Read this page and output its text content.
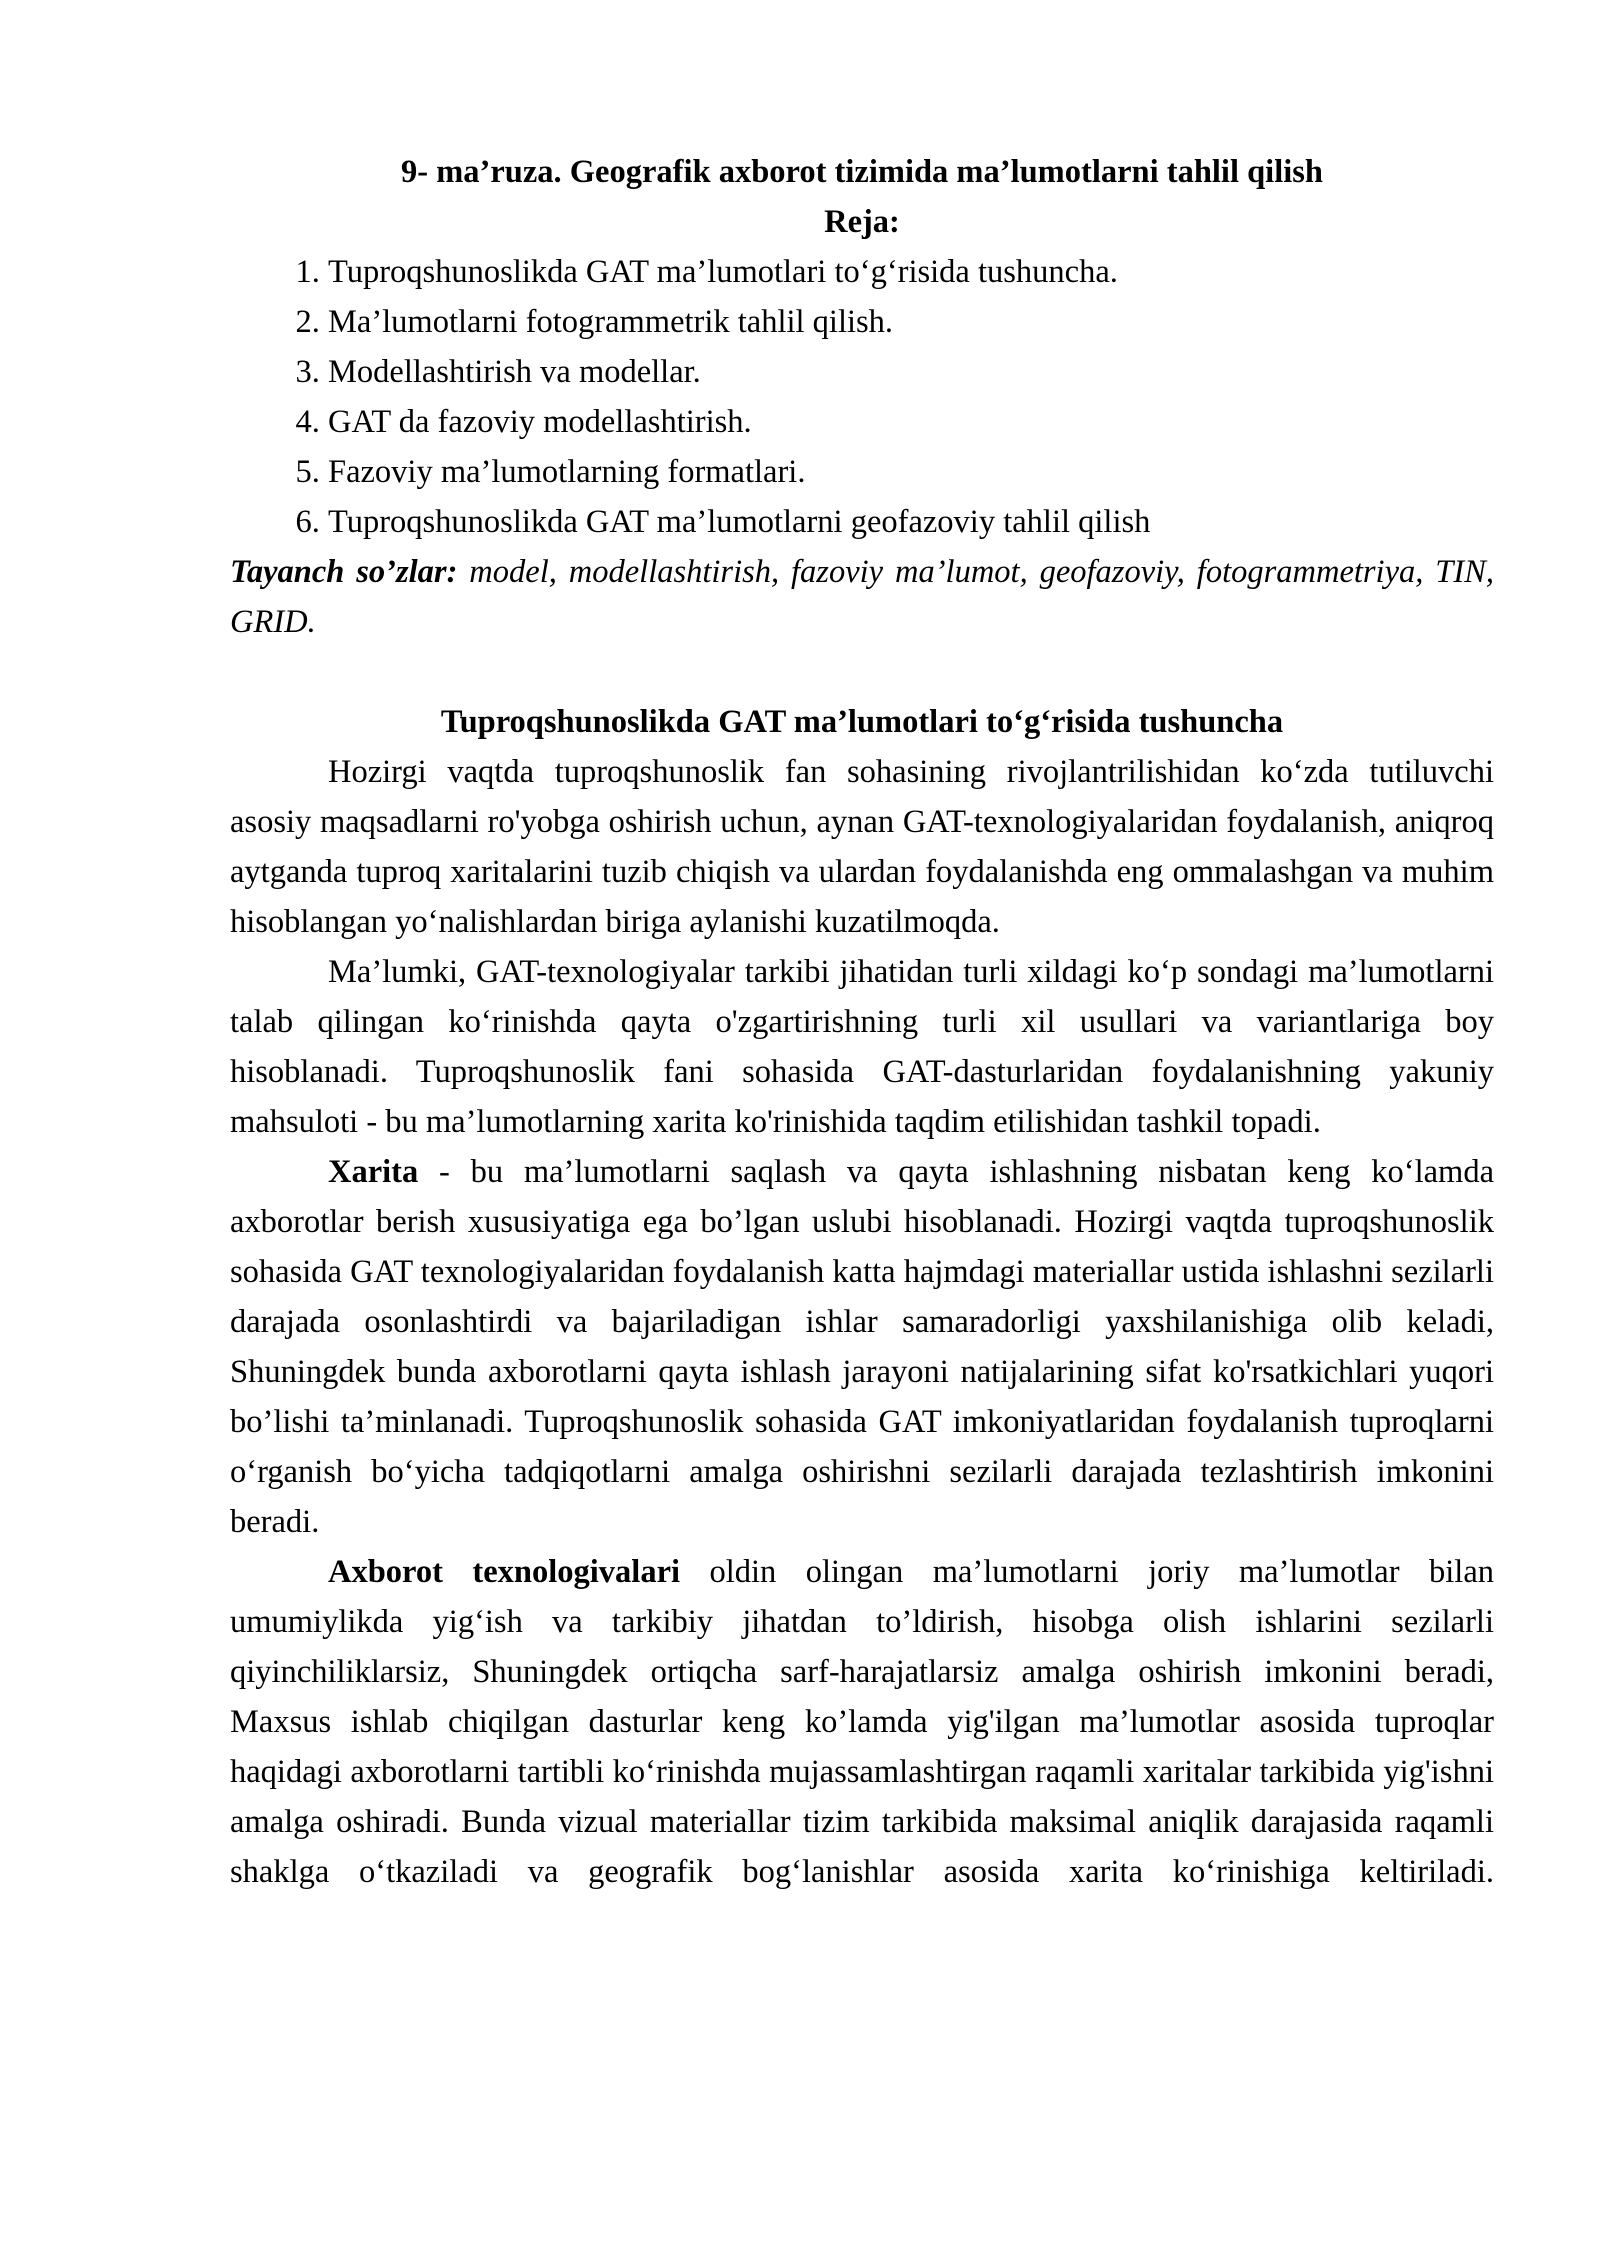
9- ma’ruza. Geografik axborot tizimida ma’lumotlarni tahlil qilish

Reja:

1. Tuproqshunoslikda GAT ma’lumotlari to‘g‘risida tushuncha.
2. Ma’lumotlarni fotogrammetrik tahlil qilish.
3. Modellashtirish va modellar.
4. GAT da fazoviy modellashtirish.
5. Fazoviy ma’lumotlarning formatlari.
6. Tuproqshunoslikda GAT ma’lumotlarni geofazoviy tahlil qilish

Tayanch so’zlar: model, modellashtirish, fazoviy ma’lumot, geofazoviy, fotogrammetriya, TIN, GRID.

Tuproqshunoslikda GAT ma’lumotlari to‘g‘risida tushuncha

Hozirgi vaqtda tuproqshunoslik fan sohasining rivojlantrilishidan ko‘zda tutiluvchi asosiy maqsadlarni ro'yobga oshirish uchun, aynan GAT-texnologiyalaridan foydalanish, aniqroq aytganda tuproq xaritalarini tuzib chiqish va ulardan foydalanishda eng ommalashgan va muhim hisoblangan yo‘nalishlardan biriga aylanishi kuzatilmoqda.

Ma’lumki, GAT-texnologiyalar tarkibi jihatidan turli xildagi ko‘p sondagi ma’lumotlarni talab qilingan ko‘rinishda qayta o'zgartirishning turli xil usullari va variantlariga boy hisoblanadi. Tuproqshunoslik fani sohasida GAT-dasturlaridan foydalanishning yakuniy mahsuloti - bu ma’lumotlarning xarita ko'rinishida taqdim etilishidan tashkil topadi.

Xarita - bu ma’lumotlarni saqlash va qayta ishlashning nisbatan keng ko‘lamda axborotlar berish xususiyatiga ega bo’lgan uslubi hisoblanadi. Hozirgi vaqtda tuproqshunoslik sohasida GAT texnologiyalaridan foydalanish katta hajmdagi materiallar ustida ishlashni sezilarli darajada osonlashtirdi va bajariladigan ishlar samaradorligi yaxshilanishiga olib keladi, Shuningdek bunda axborotlarni qayta ishlash jarayoni natijalarining sifat ko'rsatkichlari yuqori bo’lishi ta’minlanadi. Tuproqshunoslik sohasida GAT imkoniyatlaridan foydalanish tuproqlarni o‘rganish bo‘yicha tadqiqotlarni amalga oshirishni sezilarli darajada tezlashtirish imkonini beradi.

Axborot texnologivalari oldin olingan ma’lumotlarni joriy ma’lumotlar bilan umumiylikda yig‘ish va tarkibiy jihatdan to’ldirish, hisobga olish ishlarini sezilarli qiyinchiliklarsiz, Shuningdek ortiqcha sarf-harajatlarsiz amalga oshirish imkonini beradi, Maxsus ishlab chiqilgan dasturlar keng ko’lamda yig'ilgan ma’lumotlar asosida tuproqlar haqidagi axborotlarni tartibli ko‘rinishda mujassamlashtirgan raqamli xaritalar tarkibida yig'ishni amalga oshiradi. Bunda vizual materiallar tizim tarkibida maksimal aniqlik darajasida raqamli shaklga o‘tkaziladi va geografik bog‘lanishlar asosida xarita ko‘rinishiga keltiriladi.
